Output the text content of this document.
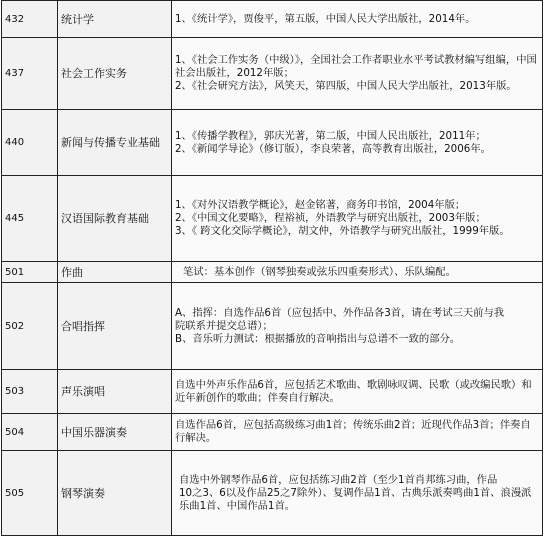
432	统计学	1、《统计学》，贾俊平，第五版，中国人民大学出版社，2014年。

437	社会工作实务	1、《社会工作实务（中级）》，全国社会工作者职业水平考试教材编写组编，中国社会出版社，2012年版；
2、《社会研究方法》，风笑天，第四版，中国人民大学出版社，2013年版。

440	新闻与传播专业基础	1、《传播学教程》，郭庆光著，第二版，中国人民出版社，2011年；
2、《新闻学导论》（修订版），李良荣著，高等教育出版社，2006年。

445	汉语国际教育基础	1、《对外汉语教学概论》，赵金铭著，商务印书馆，2004年版；
2、《中国文化要略》，程裕祯，外语教学与研究出版社，2003年版；
3、《 跨文化交际学概论》，胡文仲，外语教学与研究出版社，1999年版。

501	作曲	笔试：基本创作（钢琴独奏或弦乐四重奏形式）、乐队编配。

502	合唱指挥	A、指挥：自选作品6首（应包括中、外作品各3首，请在考试三天前与我
院联系并提交总谱）；
B、音乐听力测试：根据播放的音响指出与总谱不一致的部分。

503	声乐演唱	自选中外声乐作品6首，应包括艺术歌曲、歌剧咏叹调、民歌（或改编民歌）和近年新创作的歌曲；伴奏自行解决。

504	中国乐器演奏	自选作品6首，应包括高级练习曲1首；传统乐曲2首；近现代作品3首；伴奏自行解决。

505	钢琴演奏	自选中外钢琴作品6首，应包括练习曲2首（至少1首肖邦练习曲，作品
10之3、6以及作品25之7除外）、复调作品1首、古典乐派奏鸣曲1首、浪漫派乐曲1首、中国作品1首。
